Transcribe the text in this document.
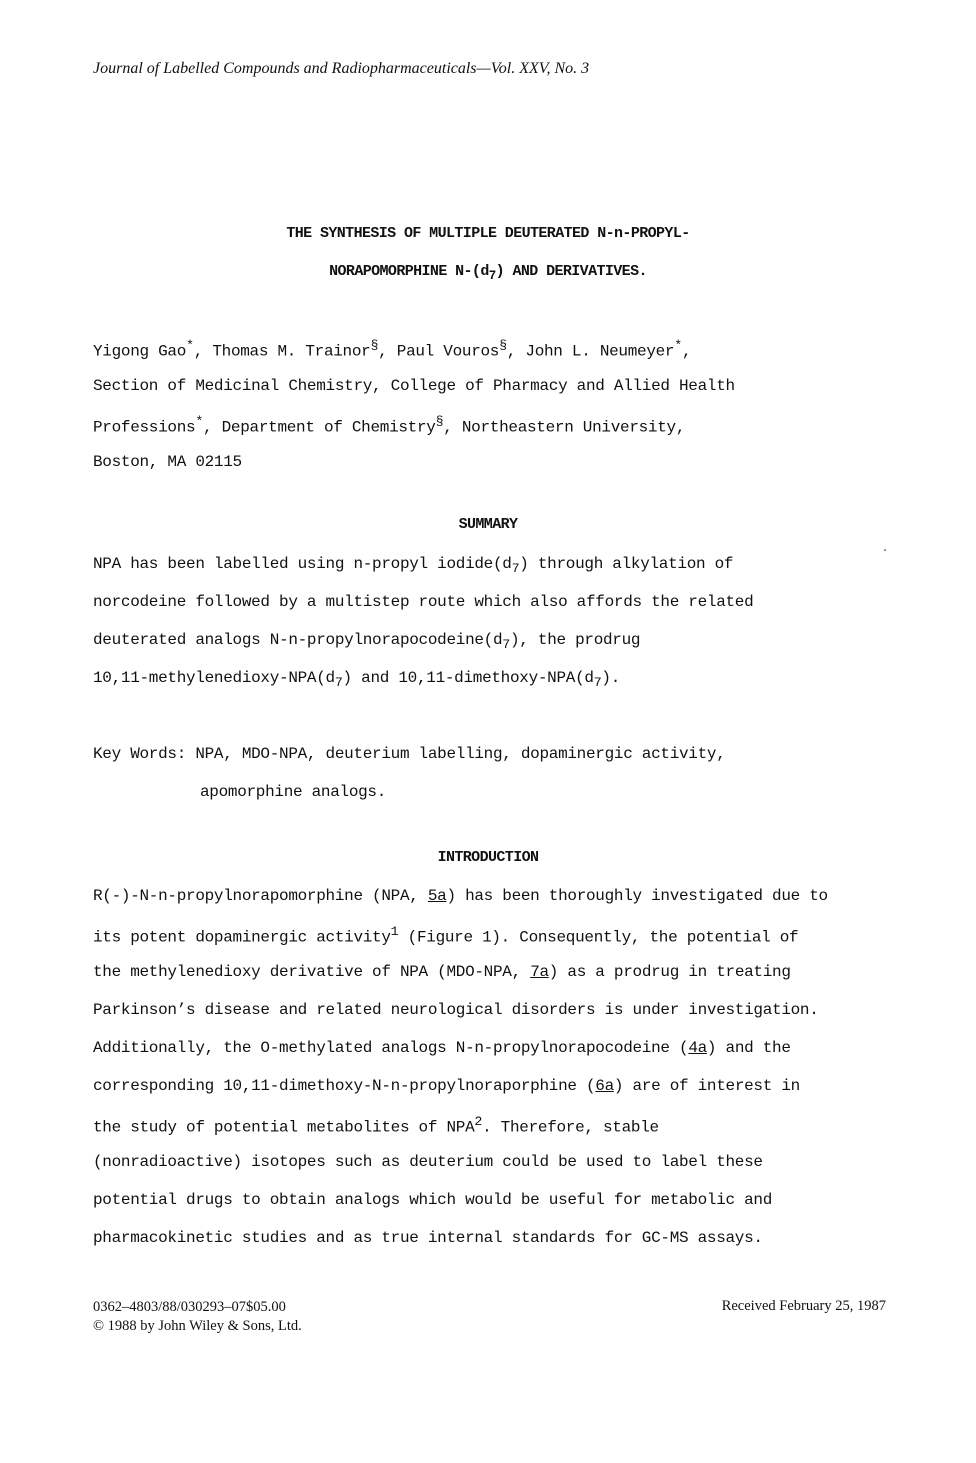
Journal of Labelled Compounds and Radiopharmaceuticals—Vol. XXV, No. 3
THE SYNTHESIS OF MULTIPLE DEUTERATED N-n-PROPYL-
NORAPOMORPHINE $N-(d_7)$ AND DERIVATIVES.
Yigong Gao*, Thomas M. Trainor§, Paul Vouros§, John L. Neumeyer*,
Section of Medicinal Chemistry, College of Pharmacy and Allied Health
Professions*, Department of Chemistry§, Northeastern University,
Boston, MA 02115
SUMMARY
NPA has been labelled using n-propyl $iodide(d_7)$ through alkylation of
norcodeine followed by a multistep route which also affords the related
deuterated analogs $N-n-propylnorapocodeine(d_7)$, the prodrug
$10,11-methylenedioxy-NPA(d_7)$ and $10,11-dimethoxy-NPA(d_7)$.
Key Words: NPA, MDO-NPA, deuterium labelling, dopaminergic activity,
apomorphine analogs.
INTRODUCTION
R(-)-N-n-propylnorapomorphine (NPA, 5a) has been thoroughly investigated due to
its potent dopaminergic activity$^1$ (Figure 1). Consequently, the potential of
the methylenedioxy derivative of NPA (MDO-NPA, 7a) as a prodrug in treating
Parkinson’s disease and related neurological disorders is under investigation.
Additionally, the O-methylated analogs N-n-propylnorapocodeine (4a) and the
corresponding 10,11-dimethoxy-N-n-propylnoraporphine (6a) are of interest in
the study of potential metabolites of NPA$^2$. Therefore, stable
(nonradioactive) isotopes such as deuterium could be used to label these
potential drugs to obtain analogs which would be useful for metabolic and
pharmacokinetic studies and as true internal standards for GC-MS assays.
0362–4803/88/030293–07$05.00
© 1988 by John Wiley & Sons, Ltd.
Received February 25, 1987
